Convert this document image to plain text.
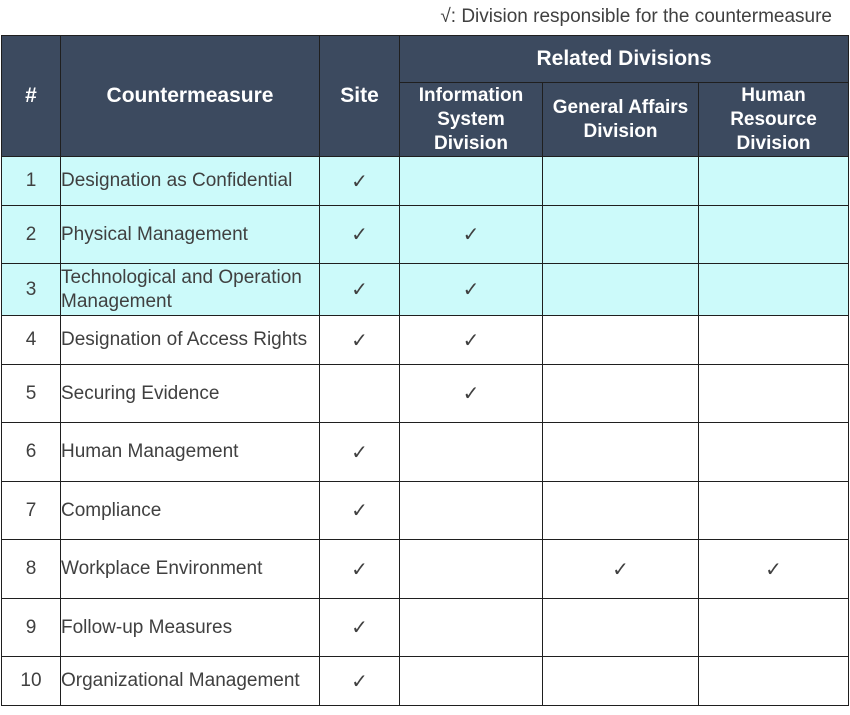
√: Division responsible for the countermeasure
#	Countermeasure	Site	Related Divisions		
			Information System Division	General Affairs Division	Human Resource Division
1	Designation as Confidential	✓			
2	Physical Management	✓	✓		
3	Technological and Operation Management	✓	✓		
4	Designation of Access Rights	✓	✓		
5	Securing Evidence		✓		
6	Human Management	✓			
7	Compliance	✓			
8	Workplace Environment	✓		✓	✓
9	Follow-up Measures	✓			
10	Organizational Management	✓			
